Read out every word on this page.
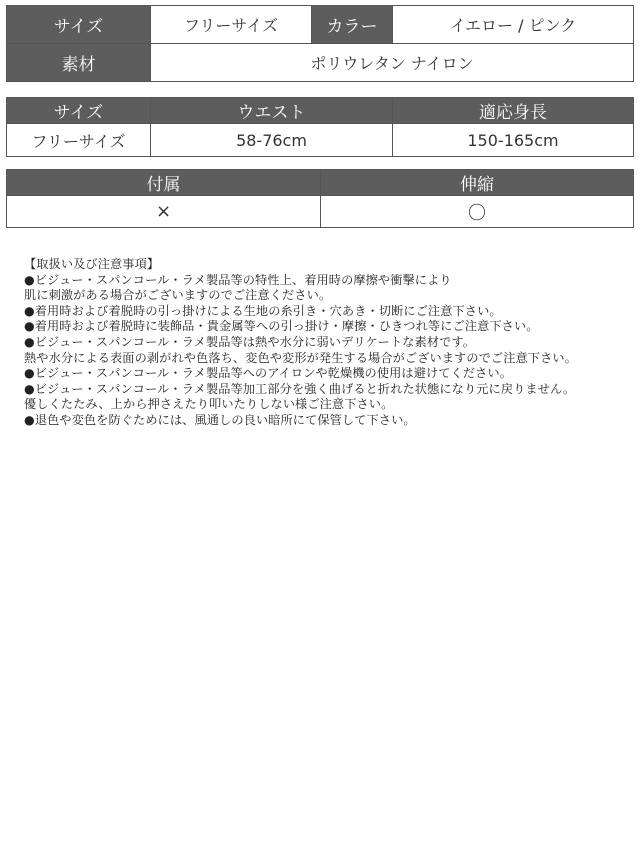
サイズ	フリーサイズ	カラー	イエロー / ピンク
素材	ポリウレタン ナイロン		
サイズ	ウエスト	適応身長
フリーサイズ	58-76cm	150-165cm
付属	伸縮
×	〇
【取扱い及び注意事項】
●ビジュー・スパンコール・ラメ製品等の特性上、着用時の摩擦や衝撃により
肌に刺激がある場合がございますのでご注意ください。
●着用時および着脱時の引っ掛けによる生地の糸引き・穴あき・切断にご注意下さい。
●着用時および着脱時に装飾品・貴金属等への引っ掛け・摩擦・ひきつれ等にご注意下さい。
●ビジュー・スパンコール・ラメ製品等は熱や水分に弱いデリケートな素材です。
熱や水分による表面の剥がれや色落ち、変色や変形が発生する場合がございますのでご注意下さい。
●ビジュー・スパンコール・ラメ製品等へのアイロンや乾燥機の使用は避けてください。
●ビジュー・スパンコール・ラメ製品等加工部分を強く曲げると折れた状態になり元に戻りません。
優しくたたみ、上から押さえたり叩いたりしない様ご注意下さい。
●退色や変色を防ぐためには、風通しの良い暗所にて保管して下さい。
